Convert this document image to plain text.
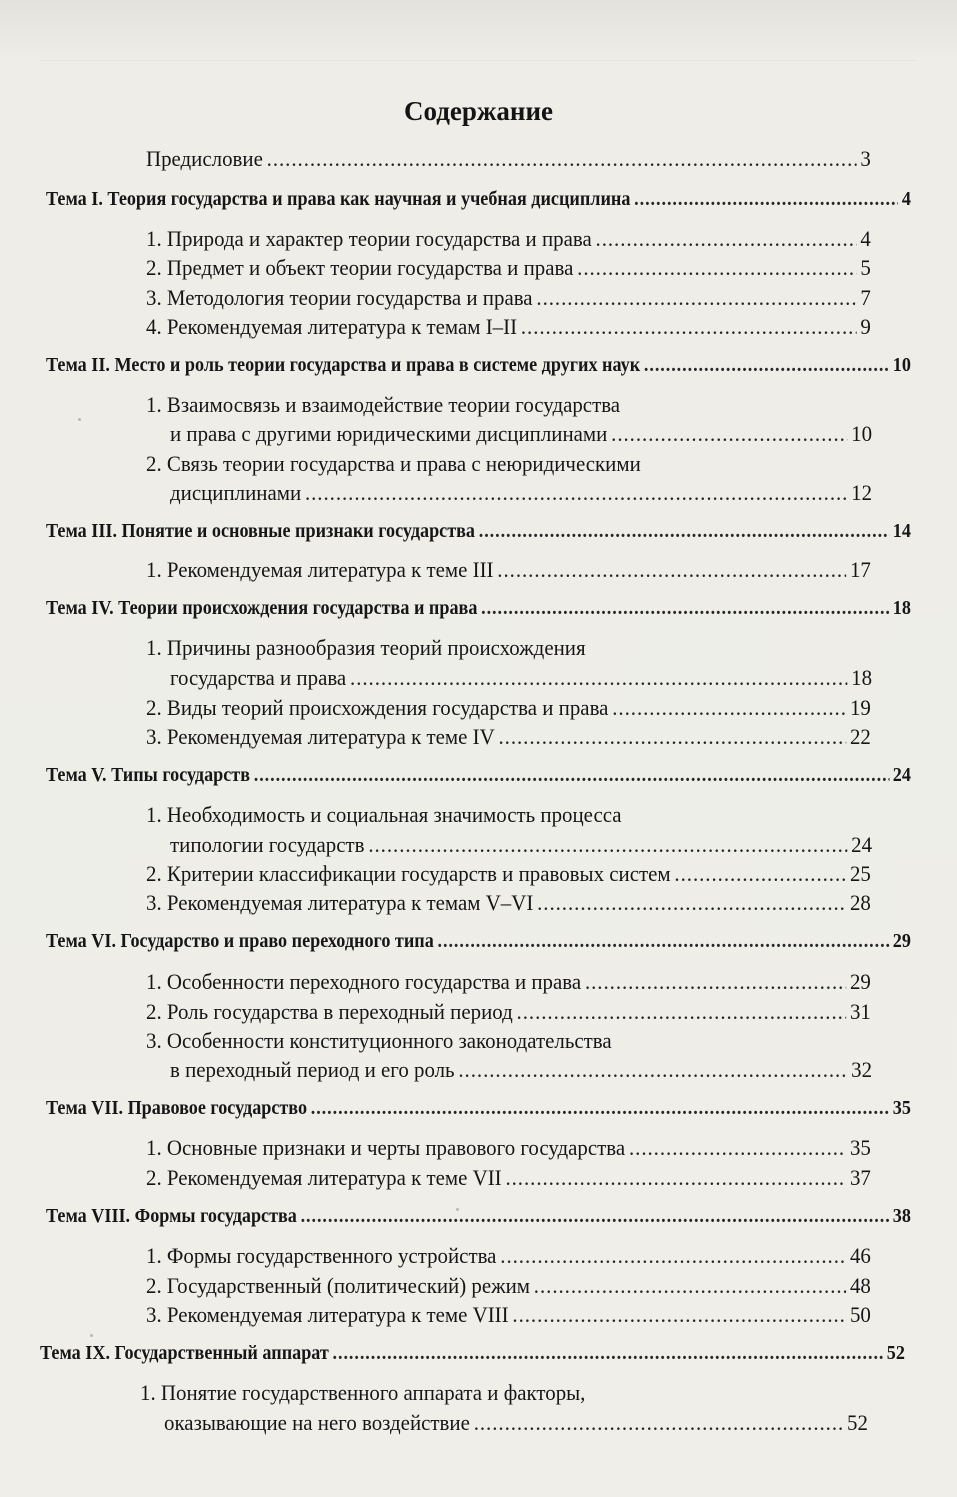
Содержание
Предисловие .....	3
Тема I. Теория государства и права как научная и учебная дисциплина .....	4
1. Природа и характер теории государства и права .....	4
2. Предмет и объект теории государства и права .....	5
3. Методология теории государства и права .....	7
4. Рекомендуемая литература к темам I–II .....	9
Тема II. Место и роль теории государства и права в системе других наук .....	10
1. Взаимосвязь и взаимодействие теории государства
и права с другими юридическими дисциплинами .....	10
2. Связь теории государства и права с неюридическими
дисциплинами .....	12
Тема III. Понятие и основные признаки государства .....	14
1. Рекомендуемая литература к теме III .....	17
Тема IV. Теории происхождения государства и права .....	18
1. Причины разнообразия теорий происхождения
государства и права .....	18
2. Виды теорий происхождения государства и права .....	19
3. Рекомендуемая литература к теме IV .....	22
Тема V. Типы государств .....	24
1. Необходимость и социальная значимость процесса
типологии государств .....	24
2. Критерии классификации государств и правовых систем .....	25
3. Рекомендуемая литература к темам V–VI .....	28
Тема VI. Государство и право переходного типа .....	29
1. Особенности переходного государства и права .....	29
2. Роль государства в переходный период .....	31
3. Особенности конституционного законодательства
в переходный период и его роль .....	32
Тема VII. Правовое государство .....	35
1. Основные признаки и черты правового государства .....	35
2. Рекомендуемая литература к теме VII .....	37
Тема VIII. Формы государства .....	38
1. Формы государственного устройства .....	46
2. Государственный (политический) режим .....	48
3. Рекомендуемая литература к теме VIII .....	50
Тема IX. Государственный аппарат .....	52
1. Понятие государственного аппарата и факторы,
оказывающие на него воздействие .....	52
